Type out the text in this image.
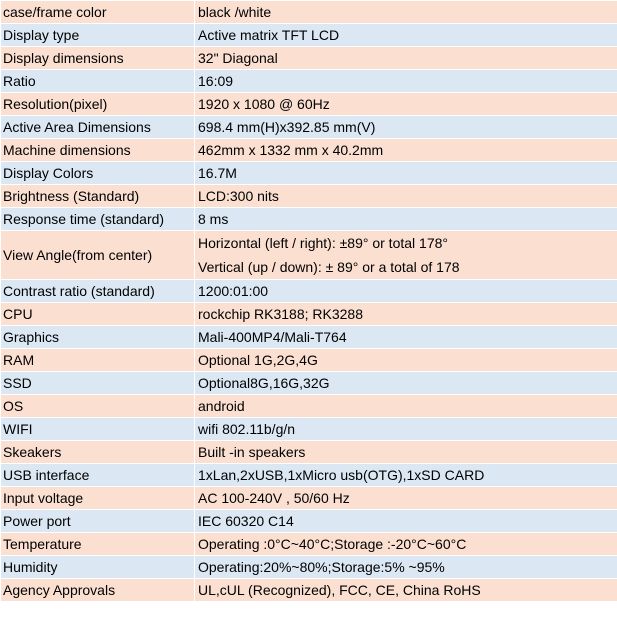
case/frame color	black /white
Display type	Active matrix TFT LCD
Display dimensions	32" Diagonal
Ratio	16:09
Resolution(pixel)	1920 x 1080 @ 60Hz
Active Area Dimensions	698.4 mm(H)x392.85 mm(V)
Machine dimensions	462mm x 1332 mm x 40.2mm
Display Colors	16.7M
Brightness (Standard)	LCD:300 nits
Response time (standard)	8 ms
View Angle(from center)	Horizontal (left / right): ±89° or total 178°
Vertical (up / down): ± 89° or a total of 178

Contrast ratio (standard)	1200:01:00
CPU	rockchip RK3188; RK3288
Graphics	Mali-400MP4/Mali-T764
RAM	Optional 1G,2G,4G
SSD	Optional8G,16G,32G
OS	android
WIFI	wifi 802.11b/g/n
Skeakers	Built -in speakers
USB interface	1xLan,2xUSB,1xMicro usb(OTG),1xSD CARD
Input voltage	AC 100-240V , 50/60 Hz
Power port	IEC 60320 C14
Temperature	Operating :0°C~40°C;Storage :-20°C~60°C
Humidity	Operating:20%~80%;Storage:5% ~95%
Agency Approvals	UL,cUL (Recognized), FCC, CE, China RoHS
